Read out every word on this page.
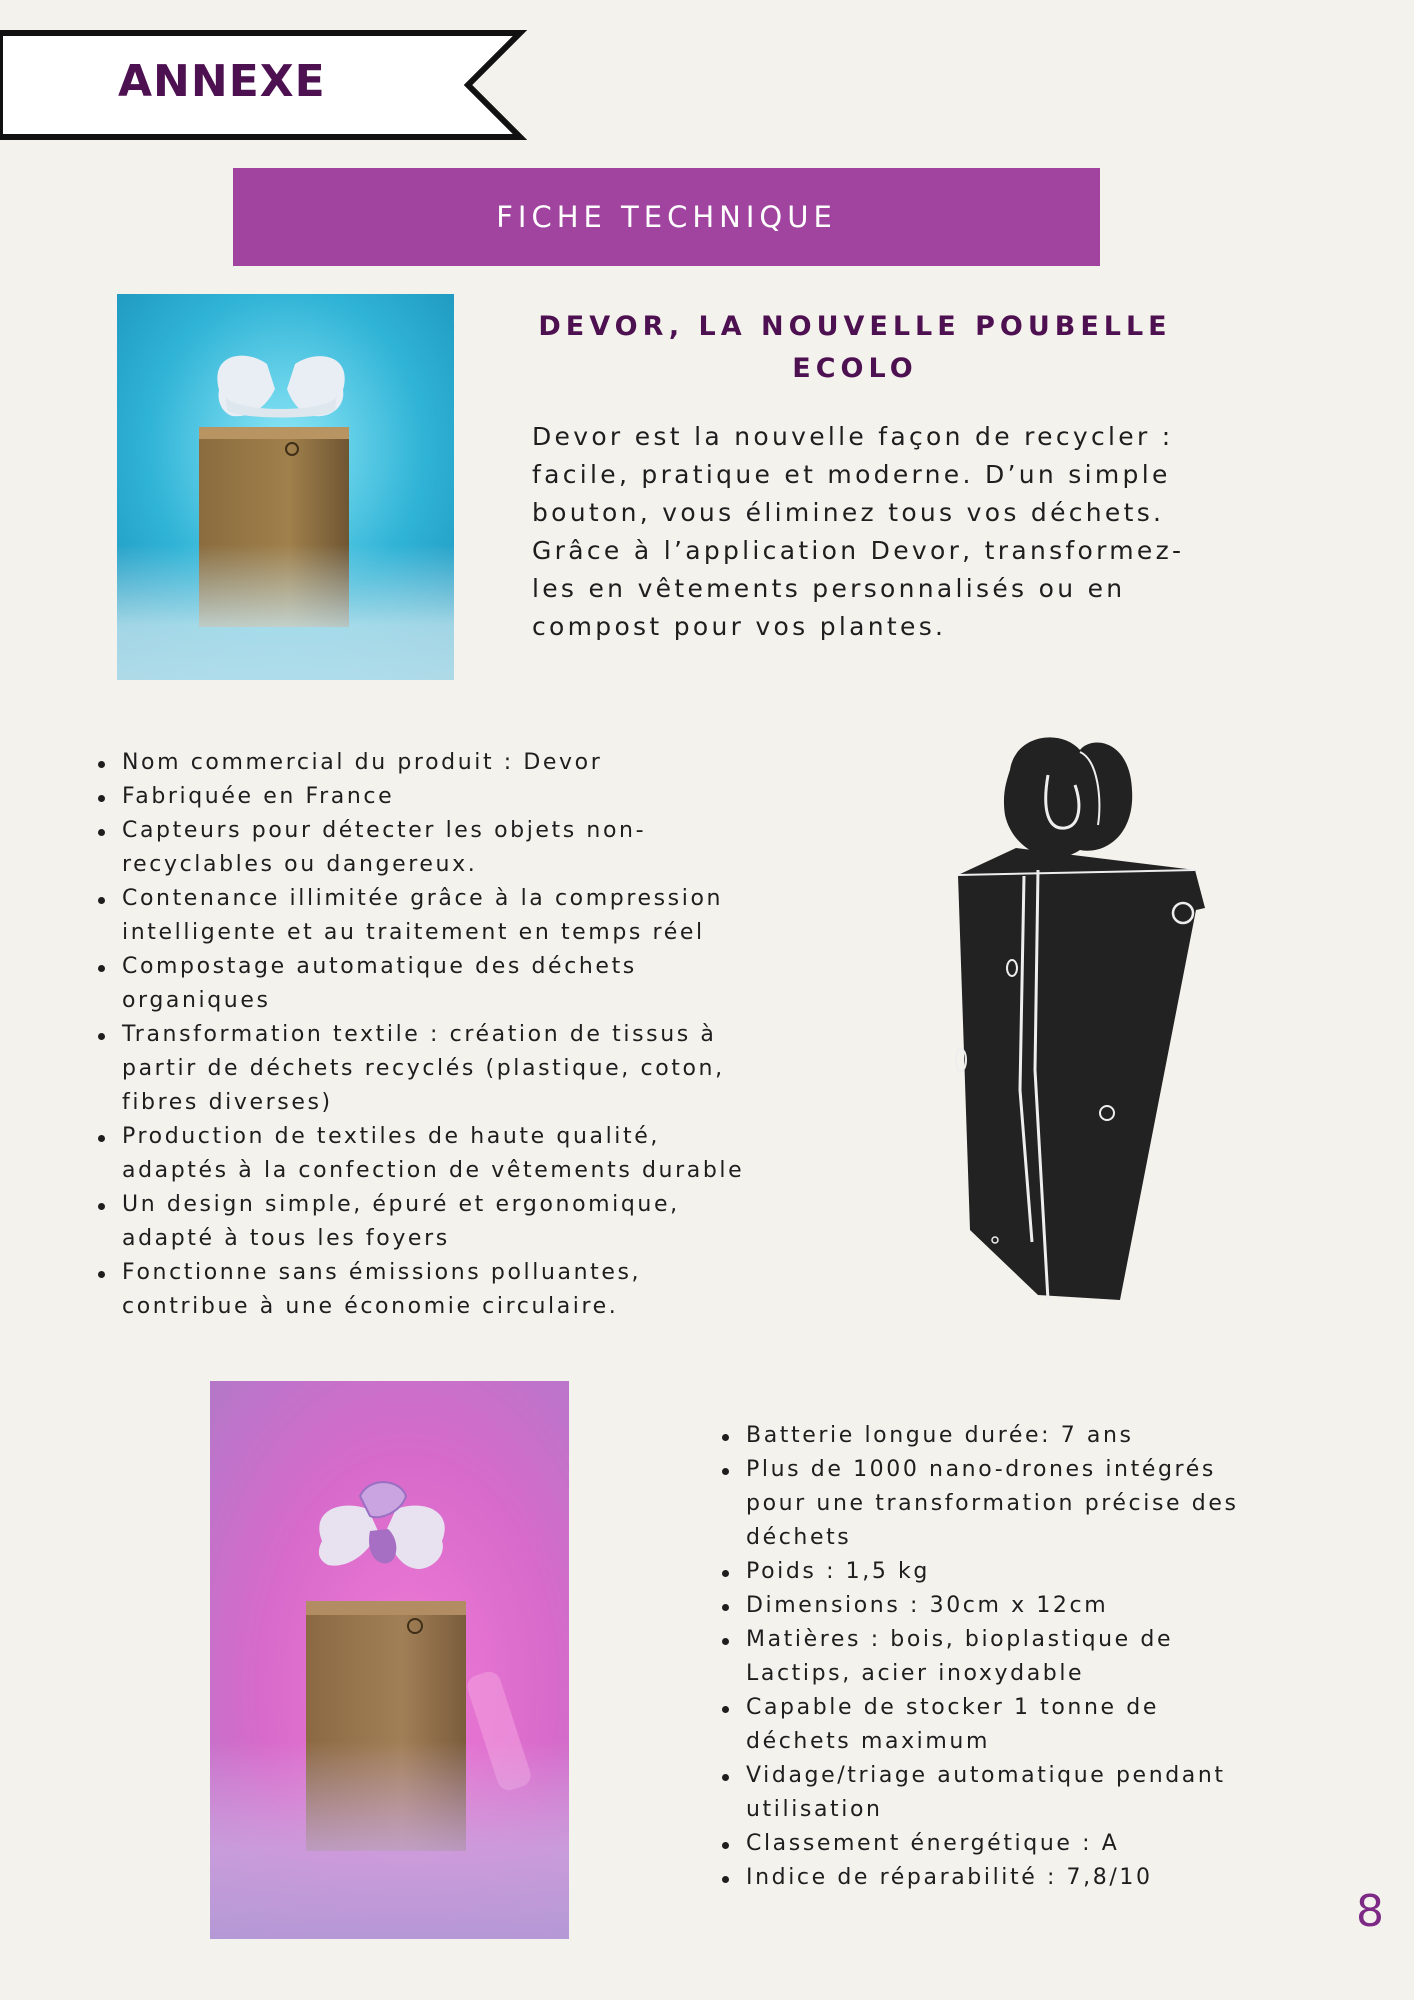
ANNEXE
FICHE TECHNIQUE
DEVOR, LA NOUVELLE POUBELLE
ECOLO
Devor est la nouvelle façon de recycler :
facile, pratique et moderne. D’un simple
bouton, vous éliminez tous vos déchets.
Grâce à l’application Devor, transformez-
les en vêtements personnalisés ou en
compost pour vos plantes.
Nom commercial du produit : Devor
Fabriquée en France
Capteurs pour détecter les objets non-
recyclables ou dangereux.
Contenance illimitée grâce à la compression
intelligente et au traitement en temps réel
Compostage automatique des déchets
organiques
Transformation textile : création de tissus à
partir de déchets recyclés (plastique, coton,
fibres diverses)
Production de textiles de haute qualité,
adaptés à la confection de vêtements durable
Un design simple, épuré et ergonomique,
adapté à tous les foyers
Fonctionne sans émissions polluantes,
contribue à une économie circulaire.
Batterie longue durée: 7 ans
Plus de 1000 nano-drones intégrés
pour une transformation précise des
déchets
Poids : 1,5 kg
Dimensions : 30cm x 12cm
Matières : bois, bioplastique de
Lactips, acier inoxydable
Capable de stocker 1 tonne de
déchets maximum
Vidage/triage automatique pendant
utilisation
Classement énergétique : A
Indice de réparabilité : 7,8/10
8
